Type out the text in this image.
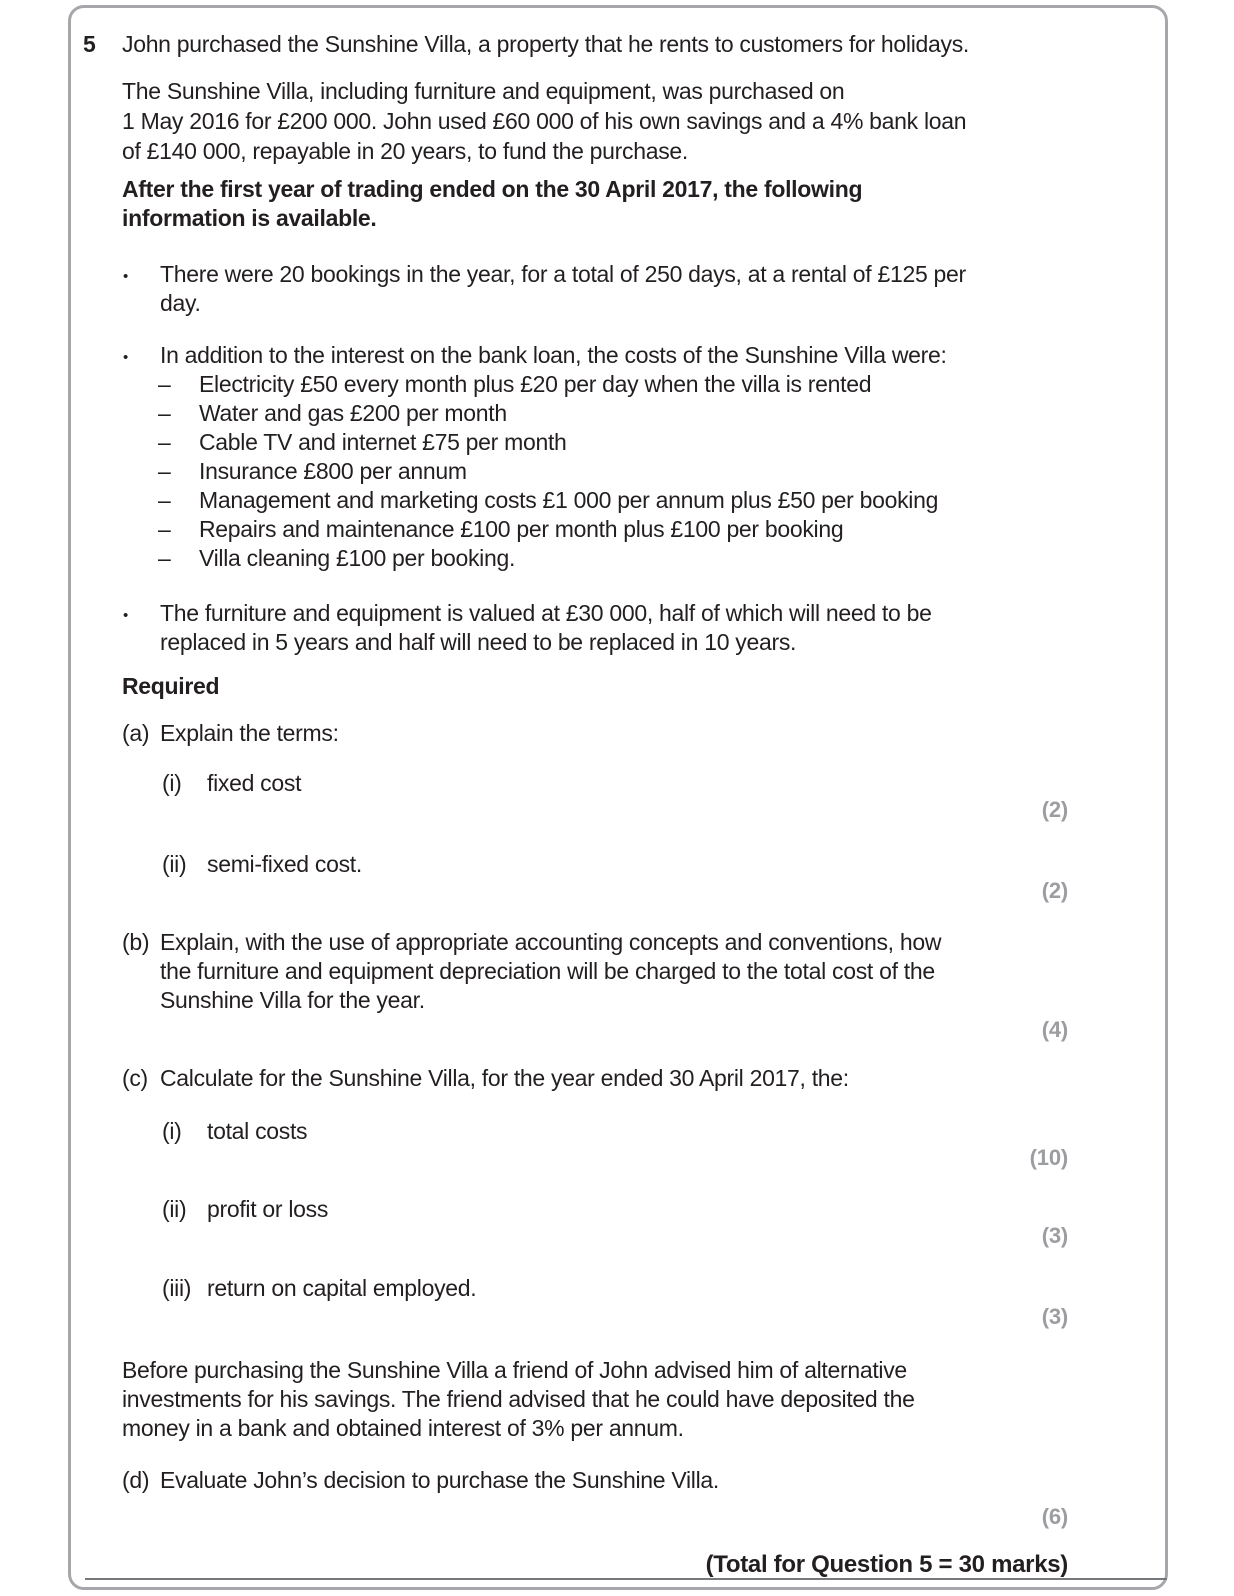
5 John purchased the Sunshine Villa, a property that he rents to customers for holidays.
The Sunshine Villa, including furniture and equipment, was purchased on
1 May 2016 for £200 000. John used £60 000 of his own savings and a 4% bank loan
of £140 000, repayable in 20 years, to fund the purchase.
After the first year of trading ended on the 30 April 2017, the following
information is available.
•	There were 20 bookings in the year, for a total of 250 days, at a rental of £125 per
day.
•	In addition to the interest on the bank loan, the costs of the Sunshine Villa were:
–	Electricity £50 every month plus £20 per day when the villa is rented
–	Water and gas £200 per month
–	Cable TV and internet £75 per month
–	Insurance £800 per annum
–	Management and marketing costs £1 000 per annum plus £50 per booking
–	Repairs and maintenance £100 per month plus £100 per booking
–	Villa cleaning £100 per booking.
•	The furniture and equipment is valued at £30 000, half of which will need to be
replaced in 5 years and half will need to be replaced in 10 years.
Required
(a) Explain the terms:
(i)	fixed cost
(2)
(ii) semi-fixed cost.
(2)
(b) Explain, with the use of appropriate accounting concepts and conventions, how
the furniture and equipment depreciation will be charged to the total cost of the
Sunshine Villa for the year.
(4)
(c) Calculate for the Sunshine Villa, for the year ended 30 April 2017, the:
(i)	total costs
(10)
(ii) profit or loss
(3)
(iii) return on capital employed.
(3)
Before purchasing the Sunshine Villa a friend of John advised him of alternative
investments for his savings. The friend advised that he could have deposited the
money in a bank and obtained interest of 3% per annum.
(d) Evaluate John’s decision to purchase the Sunshine Villa.
(6)
(Total for Question 5 = 30 marks)
